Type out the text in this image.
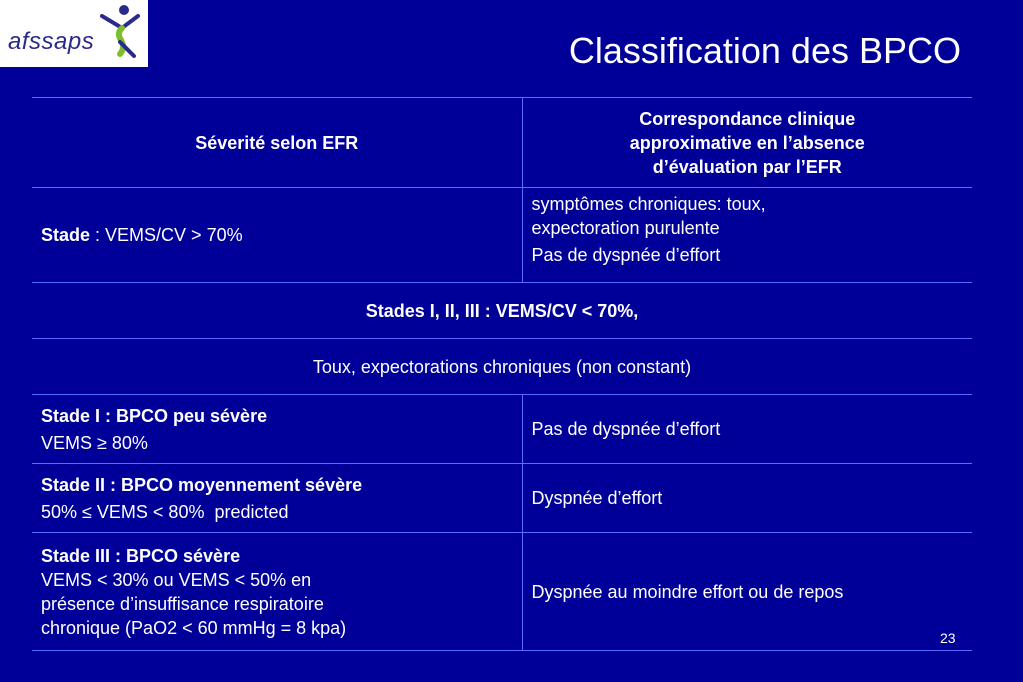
afssaps	Classification des BPCO
Séverité selon EFR	Correspondance clinique
approximative en l’absence
d’évaluation par l’EFR

Stade : VEMS/CV > 70%	symptômes chroniques: toux,
expectoration purulente
Pas de dyspnée d’effort

Stades I, II, III : VEMS/CV < 70%,	
Toux, expectorations chroniques (non constant)	

Stade I : BPCO peu sévère
VEMS ≥ 80%	Pas de dyspnée d’effort

Stade II : BPCO moyennement sévère
50% ≤ VEMS < 80%  predicted	Dyspnée d’effort

Stade III : BPCO sévère
VEMS < 30% ou VEMS < 50% en
présence d’insuffisance respiratoire
chronique (PaO2 < 60 mmHg = 8 kpa)	Dyspnée au moindre effort ou de repos
23
